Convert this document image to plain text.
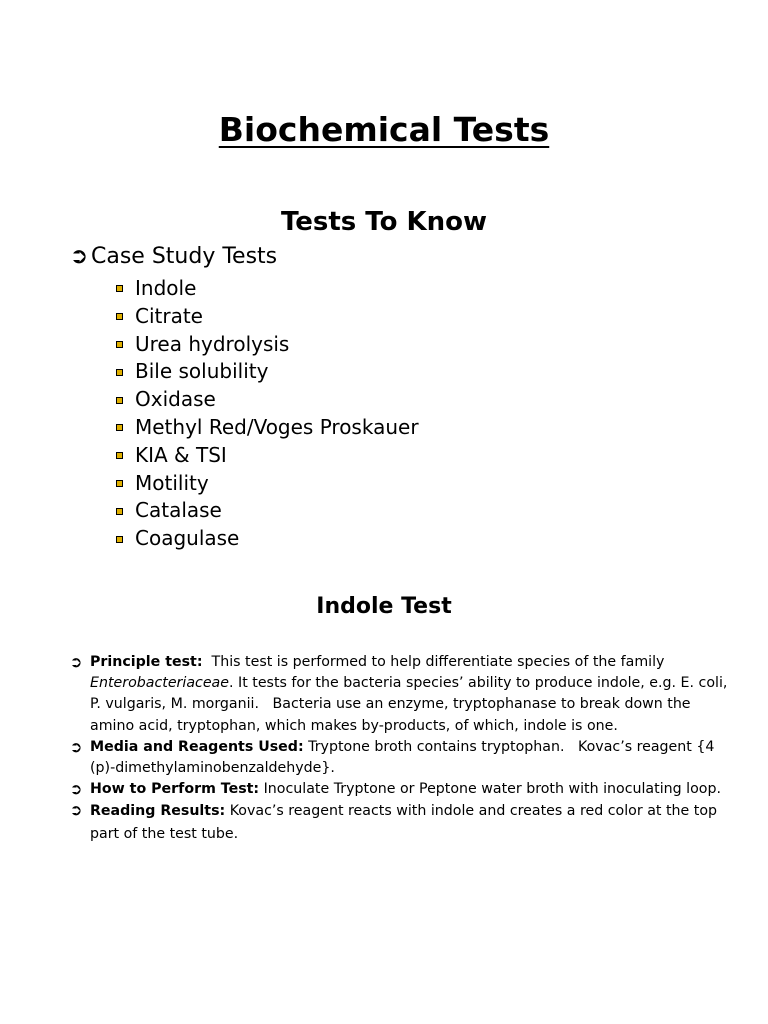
Biochemical Tests
Tests To Know
➲ Case Study Tests
Indole
Citrate
Urea hydrolysis
Bile solubility
Oxidase
Methyl Red/Voges Proskauer
KIA & TSI
Motility
Catalase
Coagulase
Indole Test
➲ Principle test:  This test is performed to help differentiate species of the family Enterobacteriaceae. It tests for the bacteria species’ ability to produce indole, e.g. E. coli, P. vulgaris, M. morganii.   Bacteria use an enzyme, tryptophanase to break down the amino acid, tryptophan, which makes by-products, of which, indole is one.
➲ Media and Reagents Used: Tryptone broth contains tryptophan.   Kovac’s reagent {4 (p)-dimethylaminobenzaldehyde}.
➲ How to Perform Test: Inoculate Tryptone or Peptone water broth with inoculating loop.
➲ Reading Results: Kovac’s reagent reacts with indole and creates a red color at the top part of the test tube.
